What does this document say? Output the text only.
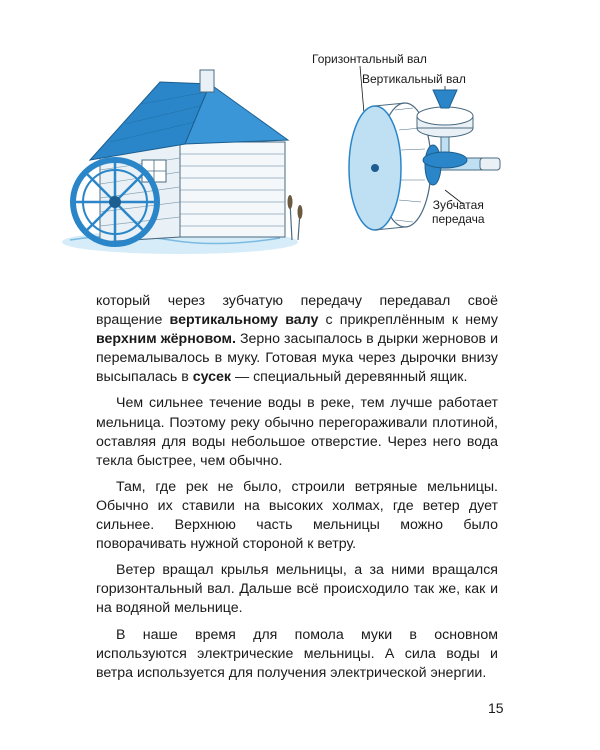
Горизонтальный вал
Вертикальный вал
Зубчатая
передача

который через зубчатую передачу передавал своё вращение вертикальному валу с прикреплённым к нему верхним жёрновом. Зерно засыпалось в дырки жерновов и перемалывалось в муку. Готовая мука через дырочки внизу высыпалась в сусек — специальный деревянный ящик.

Чем сильнее течение воды в реке, тем лучше работает мельница. Поэтому реку обычно перегораживали плотиной, оставляя для воды небольшое отверстие. Через него вода текла быстрее, чем обычно.

Там, где рек не было, строили ветряные мельницы. Обычно их ставили на высоких холмах, где ветер дует сильнее. Верхнюю часть мельницы можно было поворачивать нужной стороной к ветру.

Ветер вращал крылья мельницы, а за ними вращался горизонтальный вал. Дальше всё происходило так же, как и на водяной мельнице.

В наше время для помола муки в основном используются электрические мельницы. А сила воды и ветра используется для получения электрической энергии.

15
